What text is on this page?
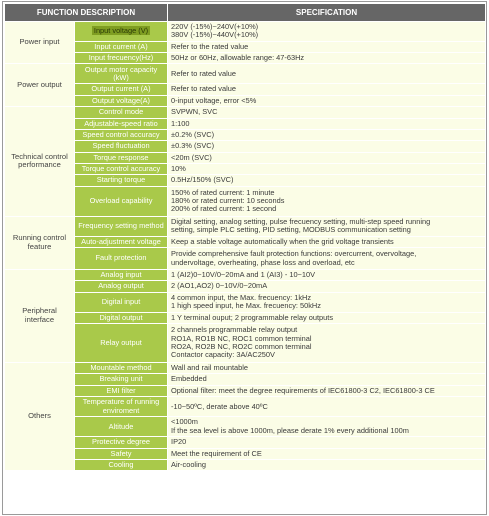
FUNCTION DESCRIPTION		SPECIFICATION
Power input	Input voltage (V)	220V (-15%)~240V(+10%)
380V (-15%)~440V(+10%)

	Input current (A)	Refer to the rated value

	Input frecuency(Hz)	50Hz or 60Hz, allowable range: 47-63Hz

Power output	Output motor capacity (kW)	Refer to rated value

	Output current (A)	Refer to rated value

	Output voltage(A)	0-input voltage, error <5%

Technical control performance	Control mode	SVPWN, SVC

	Adjustable-speed ratio	1:100

	Speed control accuracy	±0.2% (SVC)

	Speed fluctuation	±0.3% (SVC)

	Torque response	<20m (SVC)

	Torque control accuracy	10%

	Starting torque	0.5Hz/150% (SVC)

	Overload capability	150% of rated current: 1 minute
180% or rated current: 10 seconds
200% of rated current: 1 second

Running control feature	Frequency setting method	Digital setting, analog setting, pulse frecuency setting, multi-step speed running
setting, simple PLC setting, PID setting, MODBUS communication setting

	Auto-adjustment voltage	Keep a stable voltage automatically when the grid voltage transients

	Fault protection	Provide comprehensive fault protection functions: overcurrent, overvoltage,
undervoltage, overheating, phase loss and overload, etc

Peripheral interface	Analog input	1 (AI2)0~10V/0~20mA and 1 (AI3) - 10~10V

	Analog output	2 (AO1,AO2) 0~10V/0~20mA

	Digital input	4 common input, the Max. frecuency: 1kHz
1 high speed input, he Max. frecuency: 50kHz

	Digital output	1 Y terminal ouput; 2 programmable relay outputs

	Relay output	2 channels programmable relay output
RO1A, RO1B NC, ROC1 common terminal
RO2A, RO2B NC, RO2C common terminal
Contactor capacity: 3A/AC250V

Others	Mountable method	Wall and rail mountable

	Breaking unit	Embedded

	EMI filter	Optional filter: meet the degree requirements of IEC61800-3 C2, IEC61800-3 CE

	Temperature of running enviroment	-10~50ºC, derate above 40ºC

	Altitude	<1000m
If the sea level is above 1000m, please derate 1% every additional 100m

	Protective degree	IP20

	Safety	Meet the requirement of CE

	Cooling	Air-cooling
